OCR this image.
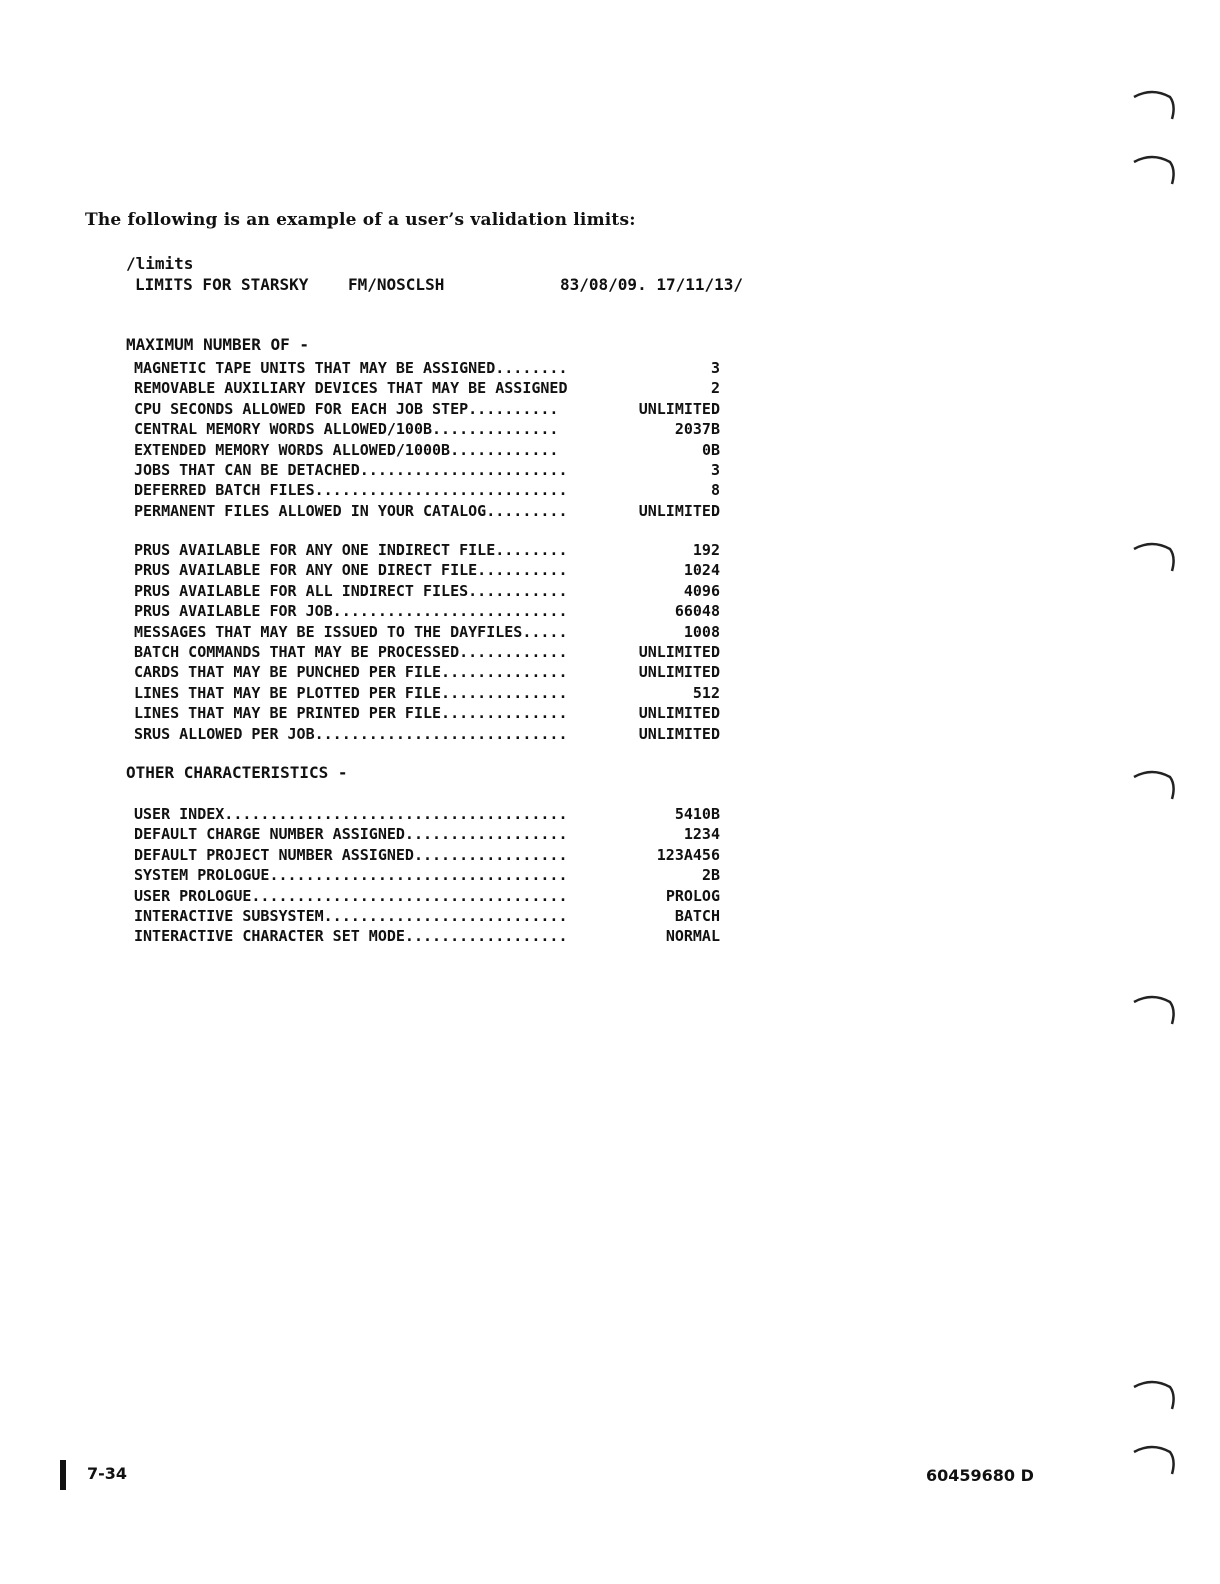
The following is an example of a user’s validation limits:
/limits

LIMITS FOR STARSKY

FM/NOSCLSH

	83/08/09. 17/11/13/

MAXIMUM NUMBER OF -
MAGNETIC TAPE UNITS THAT MAY BE ASSIGNED........	3
REMOVABLE AUXILIARY DEVICES THAT MAY BE ASSIGNED	2
CPU SECONDS ALLOWED FOR EACH JOB STEP..........	UNLIMITED
CENTRAL MEMORY WORDS ALLOWED/100B..............	2037B
EXTENDED MEMORY WORDS ALLOWED/1000B............	0B
JOBS THAT CAN BE DETACHED.......................	3
DEFERRED BATCH FILES............................	8
PERMANENT FILES ALLOWED IN YOUR CATALOG.........	UNLIMITED
PRUS AVAILABLE FOR ANY ONE INDIRECT FILE........	192
PRUS AVAILABLE FOR ANY ONE DIRECT FILE..........	1024
PRUS AVAILABLE FOR ALL INDIRECT FILES...........	4096
PRUS AVAILABLE FOR JOB..........................	66048
MESSAGES THAT MAY BE ISSUED TO THE DAYFILES.....	1008
BATCH COMMANDS THAT MAY BE PROCESSED............	UNLIMITED
CARDS THAT MAY BE PUNCHED PER FILE..............	UNLIMITED
LINES THAT MAY BE PLOTTED PER FILE..............	512
LINES THAT MAY BE PRINTED PER FILE..............	UNLIMITED
SRUS ALLOWED PER JOB............................	UNLIMITED
OTHER CHARACTERISTICS -
USER INDEX......................................	5410B
DEFAULT CHARGE NUMBER ASSIGNED..................	1234
DEFAULT PROJECT NUMBER ASSIGNED.................	123A456
SYSTEM PROLOGUE.................................	2B
USER PROLOGUE...................................	PROLOG
INTERACTIVE SUBSYSTEM...........................	BATCH
INTERACTIVE CHARACTER SET MODE..................	NORMAL
7-34	60459680 D
